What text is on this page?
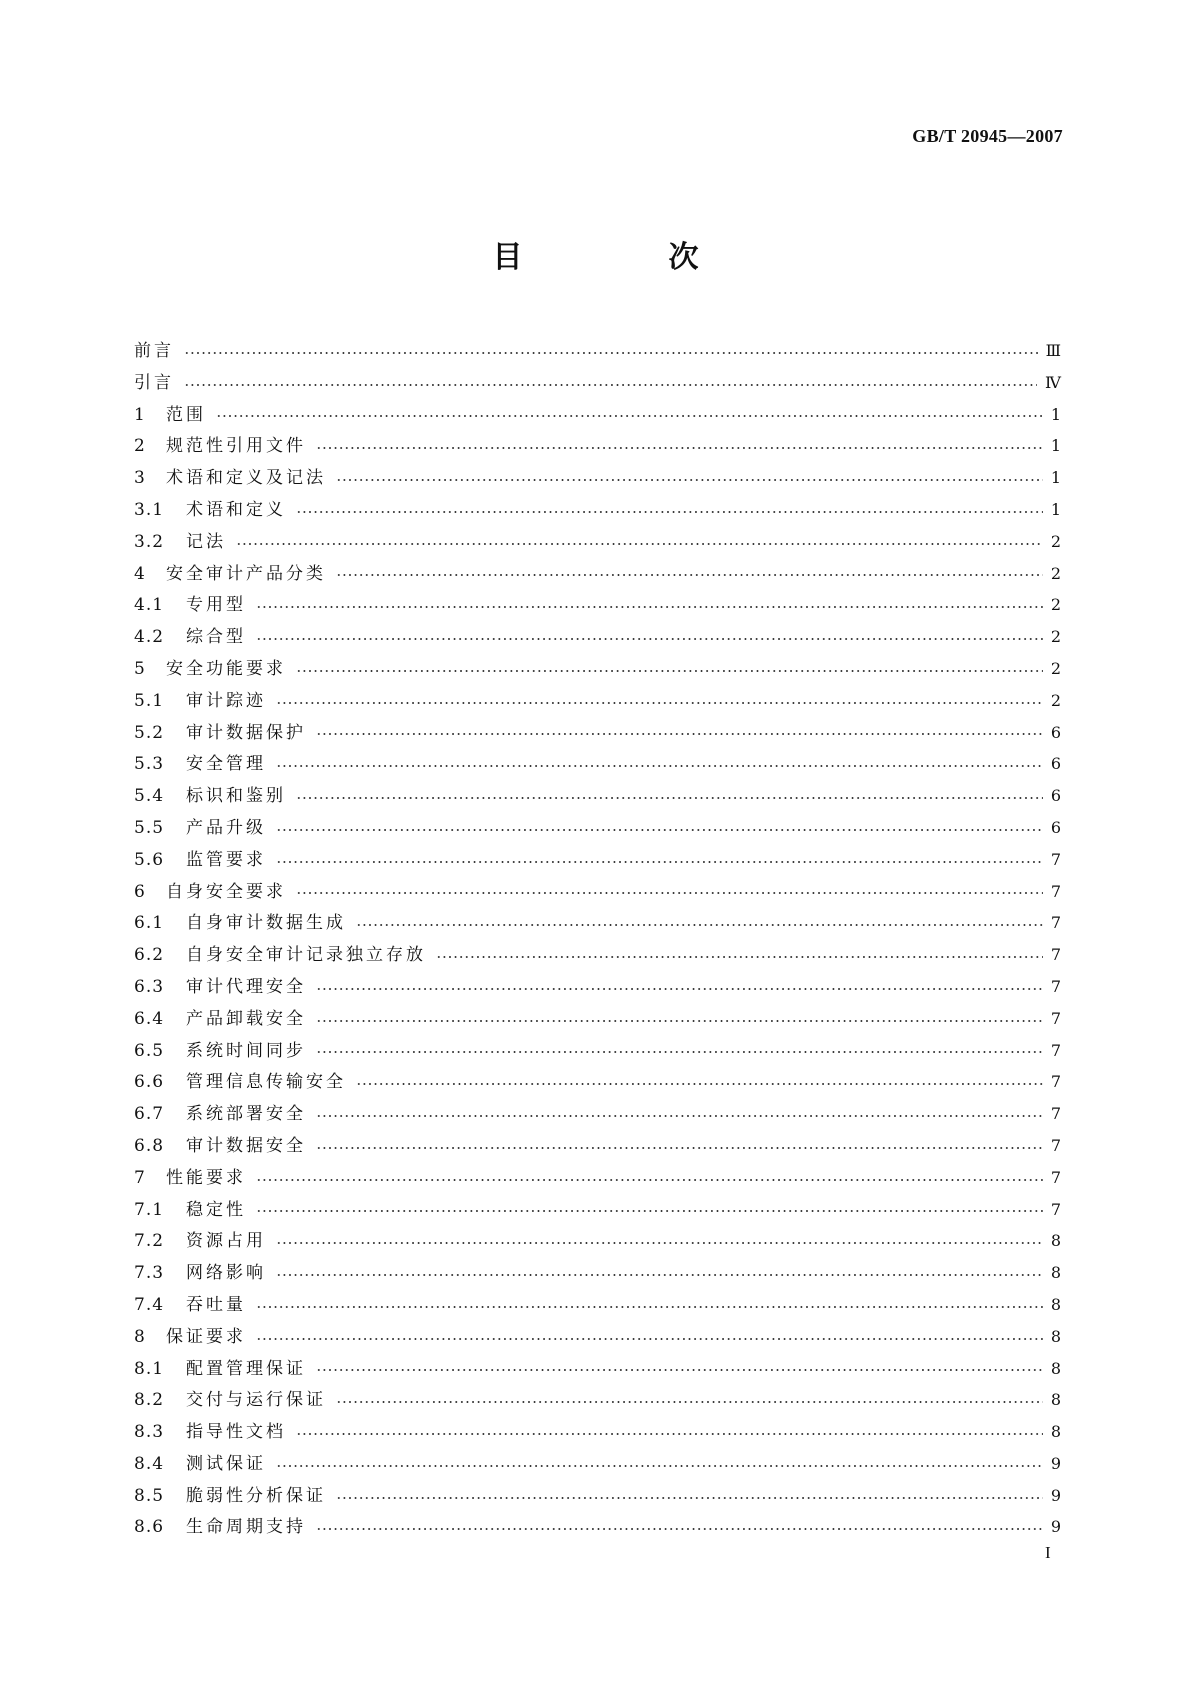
GB/T 20945—2007
目　次
前言	Ⅲ
引言	Ⅳ
1	范围	1
2	规范性引用文件	1
3	术语和定义及记法	1
3.1	术语和定义	1
3.2	记法	2
4	安全审计产品分类	2
4.1	专用型	2
4.2	综合型	2
5	安全功能要求	2
5.1	审计踪迹	2
5.2	审计数据保护	6
5.3	安全管理	6
5.4	标识和鉴别	6
5.5	产品升级	6
5.6	监管要求	7
6	自身安全要求	7
6.1	自身审计数据生成	7
6.2	自身安全审计记录独立存放	7
6.3	审计代理安全	7
6.4	产品卸载安全	7
6.5	系统时间同步	7
6.6	管理信息传输安全	7
6.7	系统部署安全	7
6.8	审计数据安全	7
7	性能要求	7
7.1	稳定性	7
7.2	资源占用	8
7.3	网络影响	8
7.4	吞吐量	8
8	保证要求	8
8.1	配置管理保证	8
8.2	交付与运行保证	8
8.3	指导性文档	8
8.4	测试保证	9
8.5	脆弱性分析保证	9
8.6	生命周期支持	9
I
